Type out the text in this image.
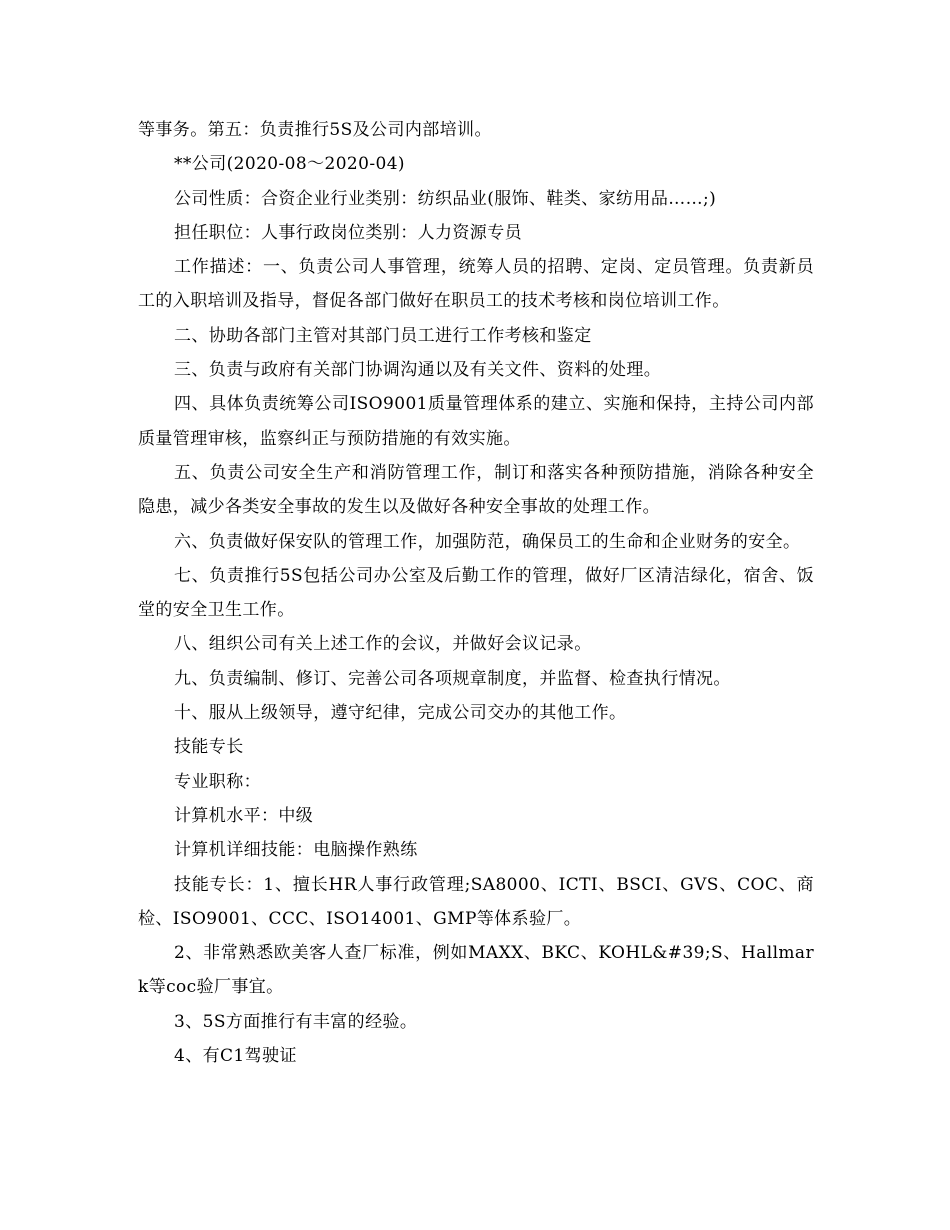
等事务。第五：负责推行5S及公司内部培训。

**公司(2020-08～2020-04)

公司性质：合资企业行业类别：纺织品业(服饰、鞋类、家纺用品……;)

担任职位：人事行政岗位类别：人力资源专员

工作描述：一、负责公司人事管理，统筹人员的招聘、定岗、定员管理。负责新员工的入职培训及指导，督促各部门做好在职员工的技术考核和岗位培训工作。

二、协助各部门主管对其部门员工进行工作考核和鉴定

三、负责与政府有关部门协调沟通以及有关文件、资料的处理。

四、具体负责统筹公司ISO9001质量管理体系的建立、实施和保持，主持公司内部质量管理审核，监察纠正与预防措施的有效实施。

五、负责公司安全生产和消防管理工作，制订和落实各种预防措施，消除各种安全隐患，减少各类安全事故的发生以及做好各种安全事故的处理工作。

六、负责做好保安队的管理工作，加强防范，确保员工的生命和企业财务的安全。

七、负责推行5S包括公司办公室及后勤工作的管理，做好厂区清洁绿化，宿舍、饭堂的安全卫生工作。

八、组织公司有关上述工作的会议，并做好会议记录。

九、负责编制、修订、完善公司各项规章制度，并监督、检查执行情况。

十、服从上级领导，遵守纪律，完成公司交办的其他工作。

技能专长

专业职称：

计算机水平：中级

计算机详细技能：电脑操作熟练

技能专长：1、擅长HR人事行政管理;SA8000、ICTI、BSCI、GVS、COC、商检、ISO9001、CCC、ISO14001、GMP等体系验厂。

2、非常熟悉欧美客人查厂标准，例如MAXX、BKC、KOHL&#39;S、Hallmark等coc验厂事宜。

3、5S方面推行有丰富的经验。

4、有C1驾驶证
